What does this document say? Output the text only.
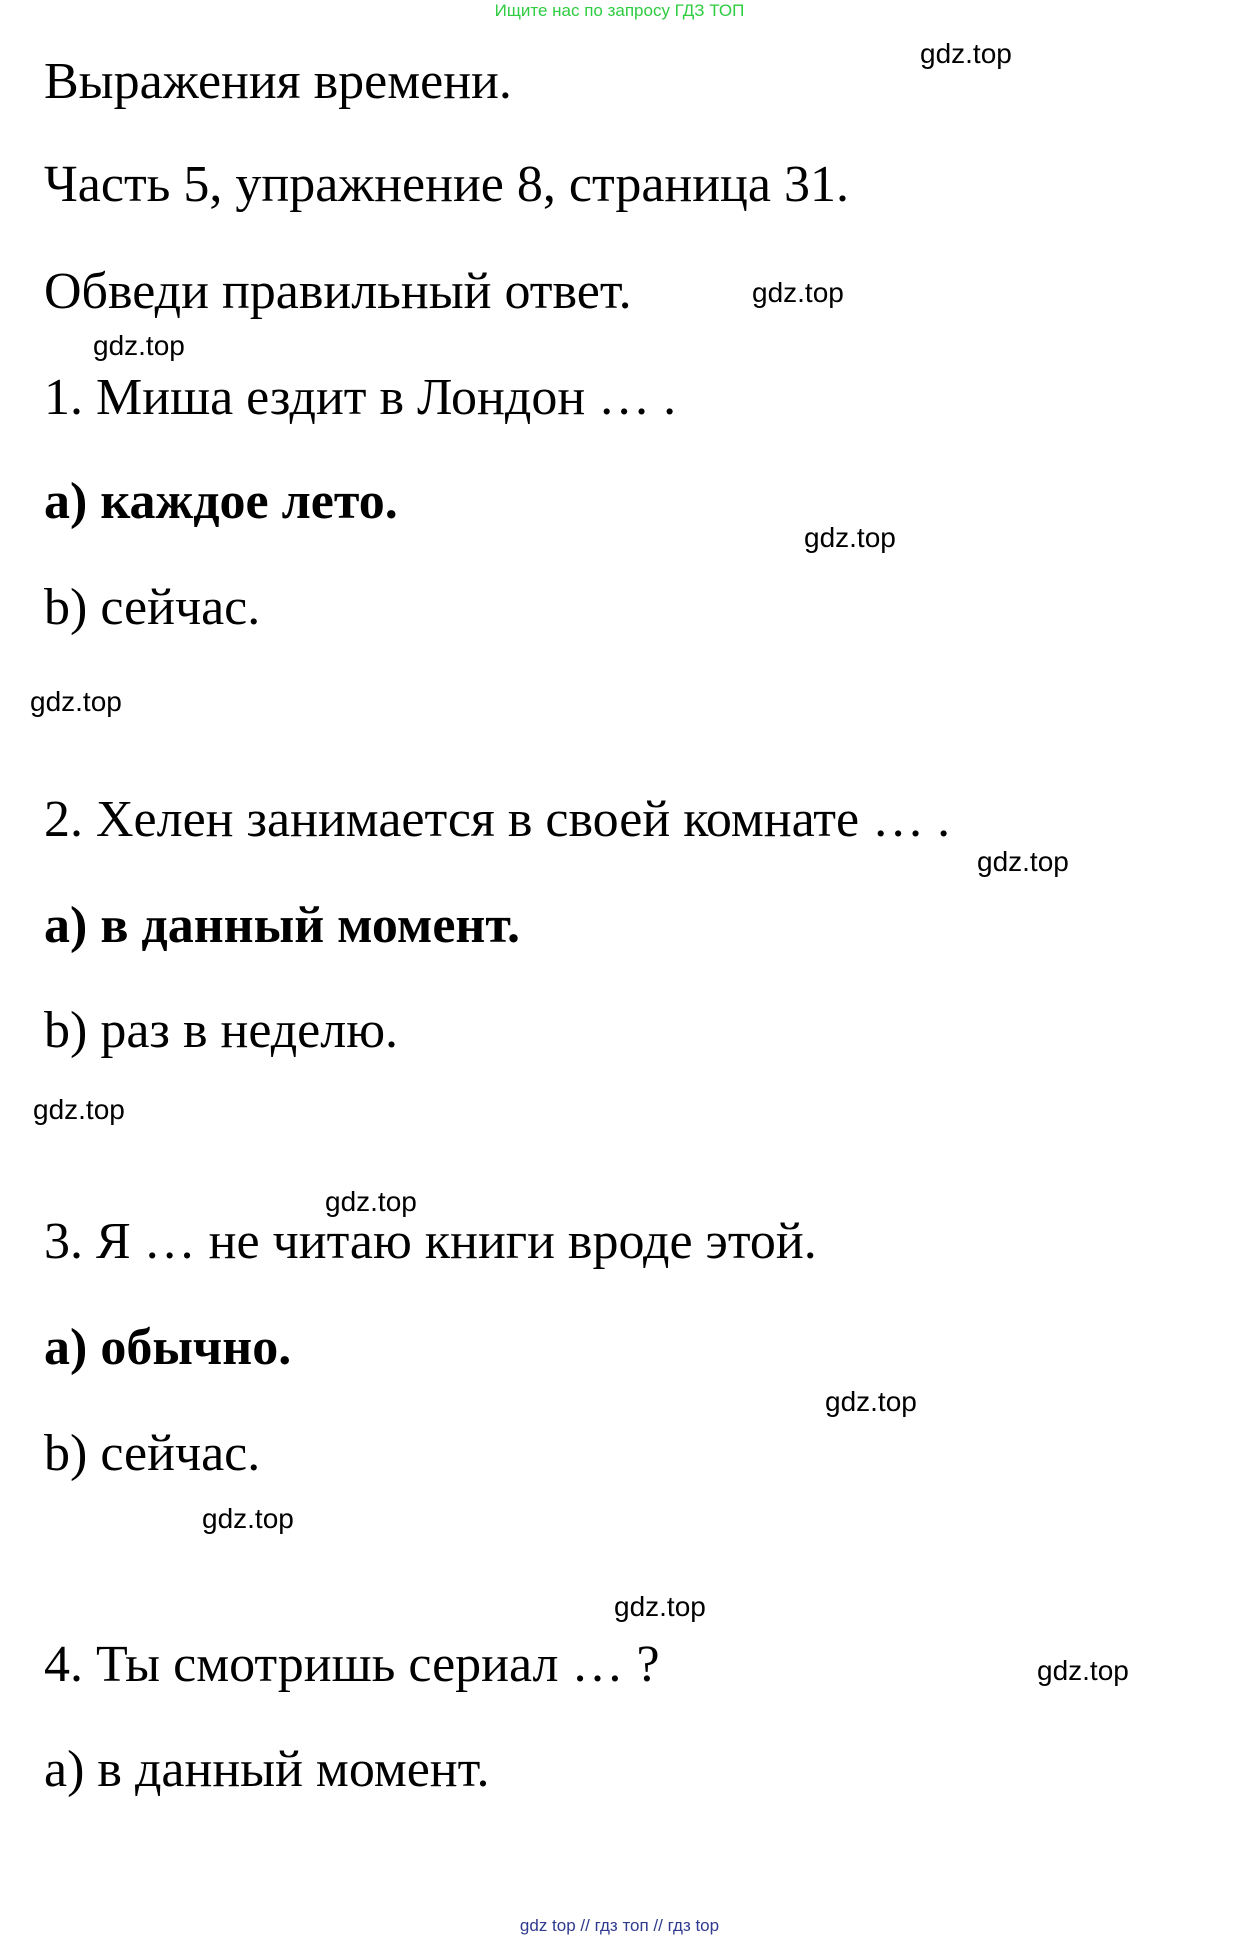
Ищите нас по запросу ГДЗ ТОП
Выражения времени.
Часть 5, упражнение 8, страница 31.
Обведи правильный ответ.
1. Миша ездит в Лондон … .
a) каждое лето.
b) сейчас.
2. Хелен занимается в своей комнате … .
a) в данный момент.
b) раз в неделю.
3. Я … не читаю книги вроде этой.
a) обычно.
b) сейчас.
4. Ты смотришь сериал … ?
a) в данный момент.
gdz.top
gdz.top
gdz.top
gdz.top
gdz.top
gdz.top
gdz.top
gdz.top
gdz.top
gdz.top
gdz.top
gdz.top
gdz top // гдз топ // гдз top
